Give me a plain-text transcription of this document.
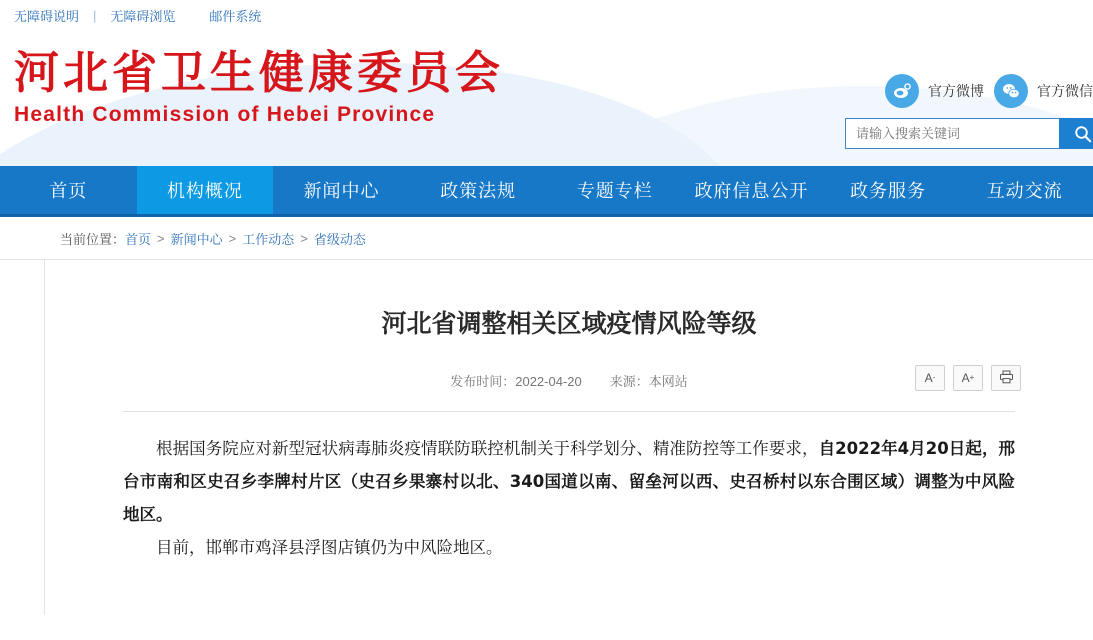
无障碍说明 | 无障碍浏览	邮件系统
河北省卫生健康委员会
Health Commission of Hebei Province
官方微博	官方微信
请输入搜索关键词
首页	机构概况	新闻中心	政策法规	专题专栏	政府信息公开	政务服务	互动交流
当前位置： 首页 > 新闻中心 > 工作动态 > 省级动态
河北省调整相关区域疫情风险等级
发布时间：2022-04-20 来源：本网站	A - A +

根据国务院应对新型冠状病毒肺炎疫情联防联控机制关于科学划分、精准防控等工作要求，自2022年4月20日起，邢台市南和区史召乡李牌村片区（史召乡果寨村以北、340国道以南、留垒河以西、史召桥村以东合围区域）调整为中风险地区。

目前，邯郸市鸡泽县浮图店镇仍为中风险地区。
